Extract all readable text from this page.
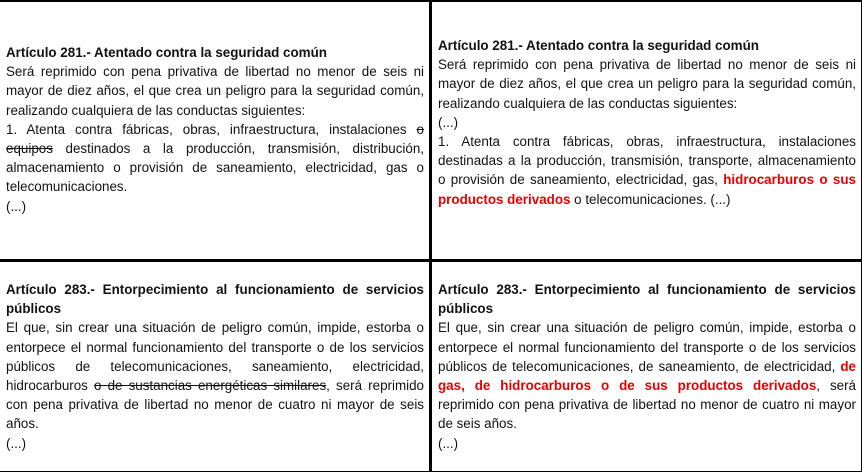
Artículo 281.- Atentado contra la seguridad común

Será reprimido con pena privativa de libertad no menor de seis ni mayor de diez años, el que crea un peligro para la seguridad común, realizando cualquiera de las conductas siguientes:

1. Atenta contra fábricas, obras, infraestructura, instalaciones o equipos destinados a la producción, transmisión, distribución, almacenamiento o provisión de saneamiento, electricidad, gas o telecomunicaciones.

(...)

Artículo 281.- Atentado contra la seguridad común

Será reprimido con pena privativa de libertad no menor de seis ni mayor de diez años, el que crea un peligro para la seguridad común, realizando cualquiera de las conductas siguientes:

(...)

1. Atenta contra fábricas, obras, infraestructura, instalaciones destinadas a la producción, transmisión, transporte, almacenamiento o provisión de saneamiento, electricidad, gas, hidrocarburos o sus productos derivados o telecomunicaciones. (...)

Artículo 283.- Entorpecimiento al funcionamiento de servicios públicos

El que, sin crear una situación de peligro común, impide, estorba o entorpece el normal funcionamiento del transporte o de los servicios públicos de telecomunicaciones, saneamiento, electricidad, hidrocarburos o de sustancias energéticas similares, será reprimido con pena privativa de libertad no menor de cuatro ni mayor de seis años.

(...)

Artículo 283.- Entorpecimiento al funcionamiento de servicios públicos

El que, sin crear una situación de peligro común, impide, estorba o entorpece el normal funcionamiento del transporte o de los servicios públicos de telecomunicaciones, de saneamiento, de electricidad, de gas, de hidrocarburos o de sus productos derivados, será reprimido con pena privativa de libertad no menor de cuatro ni mayor de seis años.

(...)
